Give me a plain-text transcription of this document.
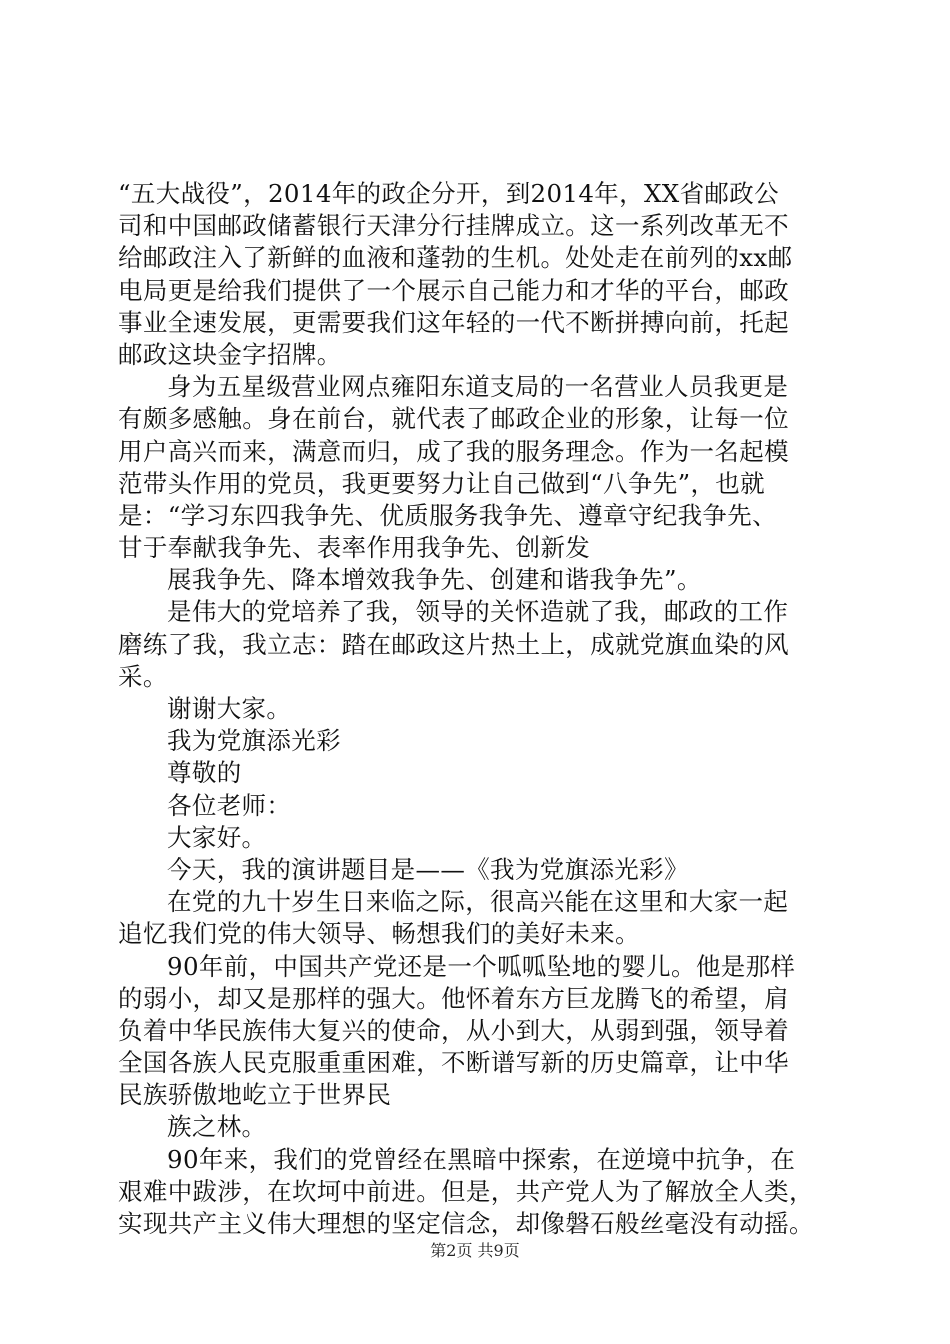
“五大战役”，2014年的政企分开，到2014年，XX省邮政公
司和中国邮政储蓄银行天津分行挂牌成立。这一系列改革无不
给邮政注入了新鲜的血液和蓬勃的生机。处处走在前列的xx邮
电局更是给我们提供了一个展示自己能力和才华的平台，邮政
事业全速发展，更需要我们这年轻的一代不断拼搏向前，托起
邮政这块金字招牌。
身为五星级营业网点雍阳东道支局的一名营业人员我更是
有颇多感触。身在前台，就代表了邮政企业的形象，让每一位
用户高兴而来，满意而归，成了我的服务理念。作为一名起模
范带头作用的党员，我更要努力让自己做到“八争先”，也就
是：“学习东四我争先、优质服务我争先、遵章守纪我争先、
甘于奉献我争先、表率作用我争先、创新发
展我争先、降本增效我争先、创建和谐我争先”。
是伟大的党培养了我，领导的关怀造就了我，邮政的工作
磨练了我，我立志：踏在邮政这片热土上，成就党旗血染的风
采。
谢谢大家。
我为党旗添光彩
尊敬的
各位老师：
大家好。
今天，我的演讲题目是——《我为党旗添光彩》
在党的九十岁生日来临之际，很高兴能在这里和大家一起
追忆我们党的伟大领导、畅想我们的美好未来。
90年前，中国共产党还是一个呱呱坠地的婴儿。他是那样
的弱小，却又是那样的强大。他怀着东方巨龙腾飞的希望，肩
负着中华民族伟大复兴的使命，从小到大，从弱到强，领导着
全国各族人民克服重重困难，不断谱写新的历史篇章，让中华
民族骄傲地屹立于世界民
族之林。
90年来，我们的党曾经在黑暗中探索，在逆境中抗争，在
艰难中跋涉，在坎坷中前进。但是，共产党人为了解放全人类，
实现共产主义伟大理想的坚定信念，却像磐石般丝毫没有动摇。
第2页 共9页
